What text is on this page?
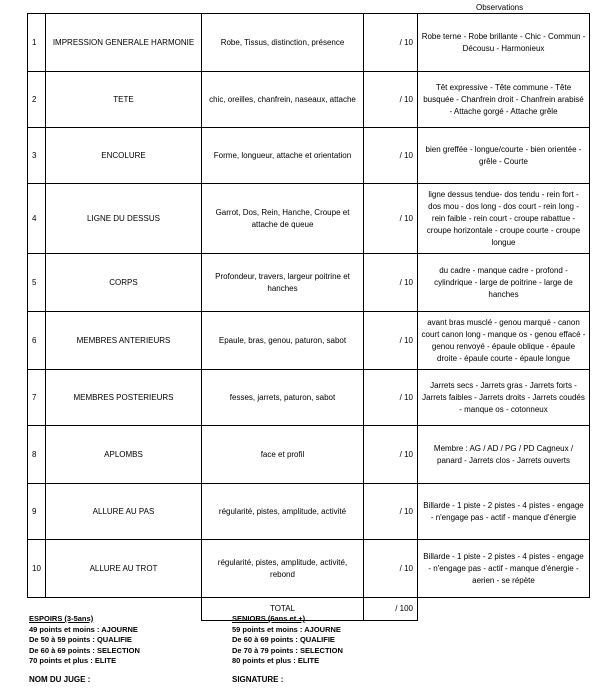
Observations
1	IMPRESSION GENERALE HARMONIE	Robe, Tissus, distinction, présence	/ 10		Robe terne - Robe brillante - Chic - Commun - Décousu - Harmonieux
2	TETE	chic, oreilles, chanfrein, naseaux, attache	/ 10		Têt expressive - Tête commune - Tête busquée - Chanfrein droit - Chanfrein arabisé - Attache gorgé - Attache grêle
3	ENCOLURE	Forme, longueur, attache et orientation	/ 10		bien greffée - longue/courte - bien orientée - grêle - Courte
4	LIGNE DU DESSUS	Garrot, Dos, Rein, Hanche, Croupe et attache de queue	/ 10		ligne dessus tendue- dos tendu - rein fort - dos mou - dos long - dos court - rein long - rein faible - rein court - croupe rabattue - croupe horizontale - croupe courte - croupe longue
5	CORPS	Profondeur, travers, largeur poitrine et hanches	/ 10		du cadre - manque cadre - profond - cylindrique - large de poitrine - large de hanches
6	MEMBRES ANTERIEURS	Epaule, bras, genou, paturon, sabot	/ 10		avant bras musclé - genou marqué - canon court canon long - manque os - genou effacé -genou renvoyé - épaule oblique - épaule droite - épaule courte - épaule longue
7	MEMBRES POSTERIEURS	fesses, jarrets, paturon, sabot	/ 10		Jarrets secs - Jarrets gras - Jarrets forts - Jarrets faibles - Jarrets droits - Jarrets coudés - manque os - cotonneux
8	APLOMBS	face et profil	/ 10		Membre : AG / AD / PG / PD Cagneux / panard - Jarrets clos - Jarrets ouverts
9	ALLURE AU PAS	régularité, pistes, amplitude, activité	/ 10		Billarde - 1 piste - 2 pistes - 4 pistes - engage - n'engage pas - actif - manque d'énergie
10	ALLURE AU TROT	régularité, pistes, amplitude, activité, rebond	/ 10		Billarde - 1 piste - 2 pistes - 4 pistes - engage - n'engage pas - actif - manque d'énergie - aerien - se répète
		TOTAL	/ 100		
ESPOIRS (3-5ans)
49 points et moins : AJOURNE
De 50 à 59 points : QUALIFIE
De 60 à 69 points : SELECTION
70 points et plus : ELITE
SENIORS (6ans et +)
59 points et moins : AJOURNE
De 60 à 69 points : QUALIFIE
De 70 à 79 points : SELECTION
80 points et plus : ELITE
NOM DU JUGE :	SIGNATURE :
